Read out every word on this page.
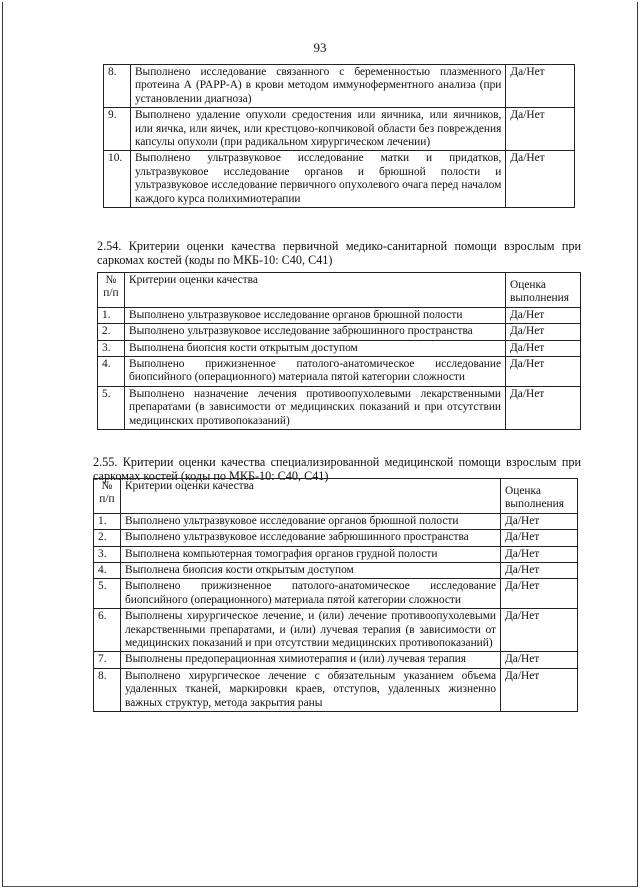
93
8.	Выполнено исследование связанного с беременностью плазменного протеина А (PAPP-A) в крови методом иммуноферментного анализа (при установлении диагноза)	Да/Нет
9.	Выполнено удаление опухоли средостения или яичника, или яичников, или яичка, или яичек, или крестцово-копчиковой области без повреждения капсулы опухоли (при радикальном хирургическом лечении)	Да/Нет
10.	Выполнено ультразвуковое исследование матки и придатков, ультразвуковое исследование органов и брюшной полости и ультразвуковое исследование первичного опухолевого очага перед началом каждого курса полихимиотерапии	Да/Нет
2.54. Критерии оценки качества первичной медико-санитарной помощи взрослым при саркомах костей (коды по МКБ-10: C40, C41)
№ п/п	Критерии оценки качества	Оценка выполнения
1.	Выполнено ультразвуковое исследование органов брюшной полости	Да/Нет
2.	Выполнено ультразвуковое исследование забрюшинного пространства	Да/Нет
3.	Выполнена биопсия кости открытым доступом	Да/Нет
4.	Выполнено прижизненное патолого-анатомическое исследование биопсийного (операционного) материала пятой категории сложности	Да/Нет
5.	Выполнено назначение лечения противоопухолевыми лекарственными препаратами (в зависимости от медицинских показаний и при отсутствии медицинских противопоказаний)	Да/Нет
2.55. Критерии оценки качества специализированной медицинской помощи взрослым при саркомах костей (коды по МКБ-10: C40, C41)
№ п/п	Критерии оценки качества	Оценка выполнения
1.	Выполнено ультразвуковое исследование органов брюшной полости	Да/Нет
2.	Выполнено ультразвуковое исследование забрюшинного пространства	Да/Нет
3.	Выполнена компьютерная томография органов грудной полости	Да/Нет
4.	Выполнена биопсия кости открытым доступом	Да/Нет
5.	Выполнено прижизненное патолого-анатомическое исследование биопсийного (операционного) материала пятой категории сложности	Да/Нет
6.	Выполнены хирургическое лечение, и (или) лечение противоопухолевыми лекарственными препаратами, и (или) лучевая терапия (в зависимости от медицинских показаний и при отсутствии медицинских противопоказаний)	Да/Нет
7.	Выполнены предоперационная химиотерапия и (или) лучевая терапия	Да/Нет
8.	Выполнено хирургическое лечение с обязательным указанием объема удаленных тканей, маркировки краев, отступов, удаленных жизненно важных структур, метода закрытия раны	Да/Нет
